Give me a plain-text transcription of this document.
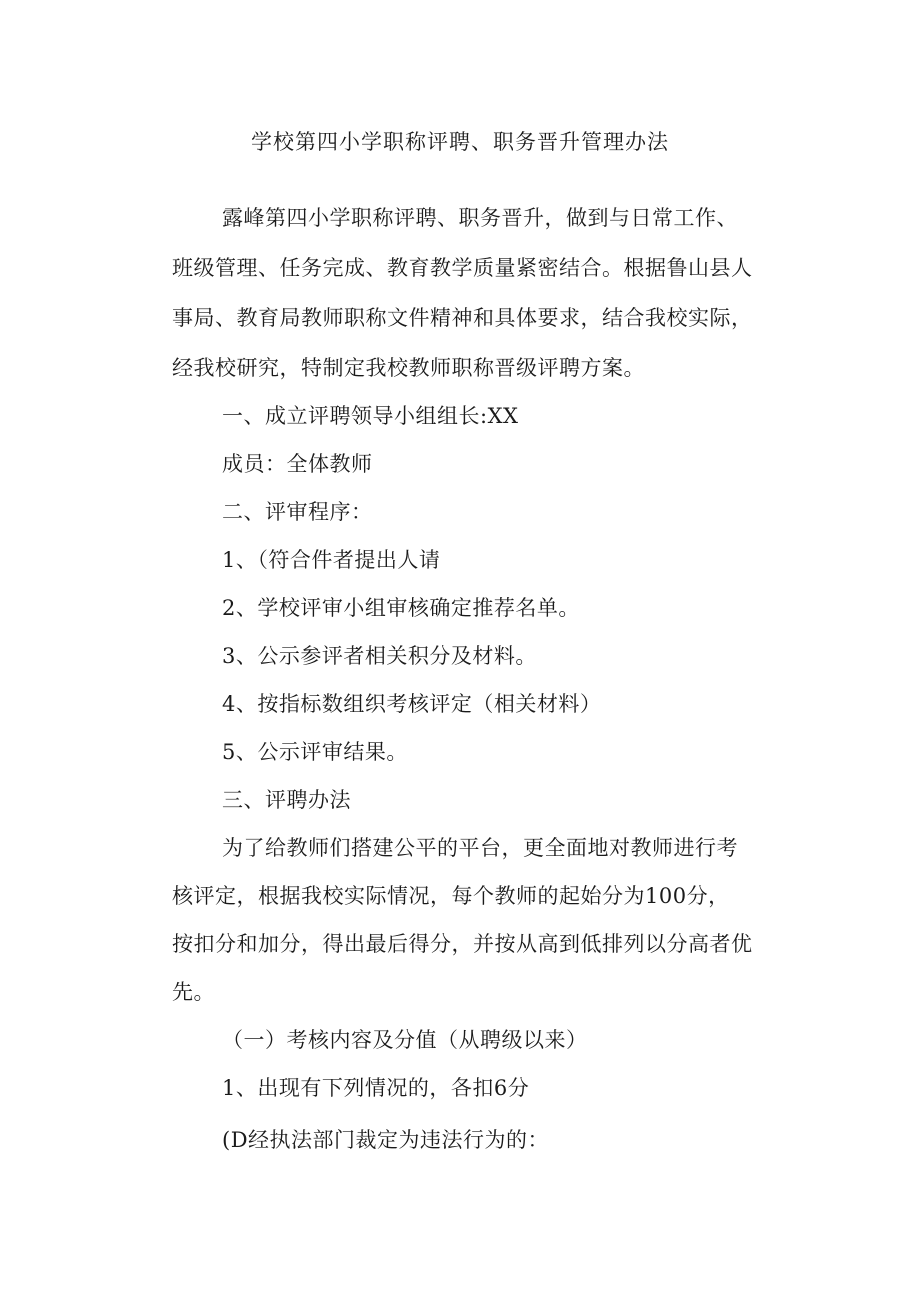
学校第四小学职称评聘、职务晋升管理办法
露峰第四小学职称评聘、职务晋升，做到与日常工作、
班级管理、任务完成、教育教学质量紧密结合。根据鲁山县人
事局、教育局教师职称文件精神和具体要求，结合我校实际，
经我校研究，特制定我校教师职称晋级评聘方案。
一、成立评聘领导小组组长:XX
成员：全体教师
二、评审程序：
1、（符合件者提出人请
2、学校评审小组审核确定推荐名单。
3、公示参评者相关积分及材料。
4、按指标数组织考核评定（相关材料）
5、公示评审结果。
三、评聘办法
为了给教师们搭建公平的平台，更全面地对教师进行考
核评定，根据我校实际情况，每个教师的起始分为100分，
按扣分和加分，得出最后得分，并按从高到低排列以分高者优
先。
（一）考核内容及分值（从聘级以来）
1、出现有下列情况的，各扣6分
(D经执法部门裁定为违法行为的：
